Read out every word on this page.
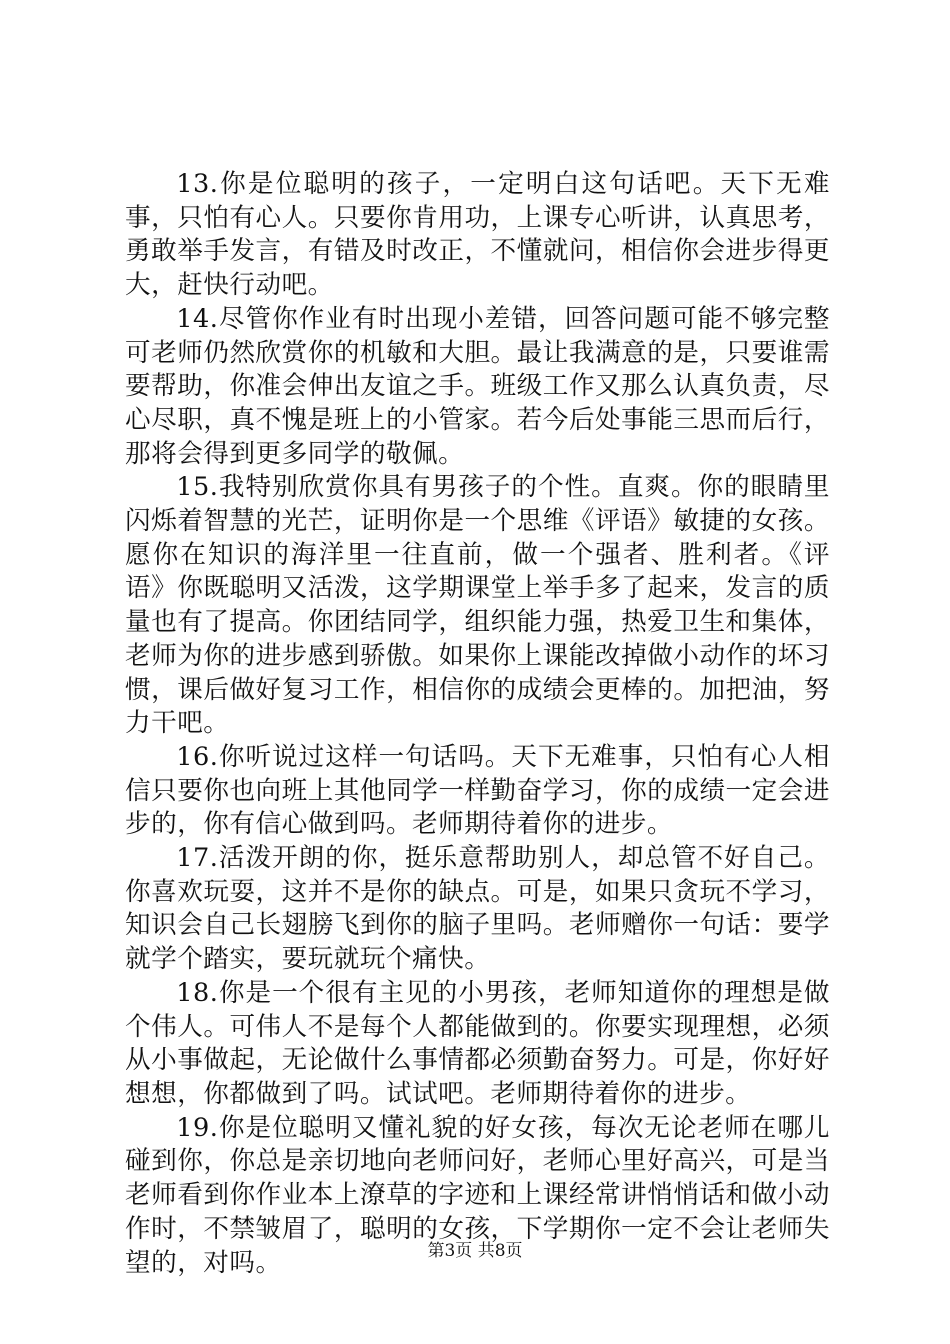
13.你是位聪明的孩子，一定明白这句话吧。天下无难事，只怕有心人。只要你肯用功，上课专心听讲，认真思考，勇敢举手发言，有错及时改正，不懂就问，相信你会进步得更大，赶快行动吧。

14.尽管你作业有时出现小差错，回答问题可能不够完整可老师仍然欣赏你的机敏和大胆。最让我满意的是，只要谁需要帮助，你准会伸出友谊之手。班级工作又那么认真负责，尽心尽职，真不愧是班上的小管家。若今后处事能三思而后行，那将会得到更多同学的敬佩。

15.我特别欣赏你具有男孩子的个性。直爽。你的眼睛里闪烁着智慧的光芒，证明你是一个思维《评语》敏捷的女孩。愿你在知识的海洋里一往直前，做一个强者、胜利者。《评语》你既聪明又活泼，这学期课堂上举手多了起来，发言的质量也有了提高。你团结同学，组织能力强，热爱卫生和集体，老师为你的进步感到骄傲。如果你上课能改掉做小动作的坏习惯，课后做好复习工作，相信你的成绩会更棒的。加把油，努力干吧。

16.你听说过这样一句话吗。天下无难事，只怕有心人相信只要你也向班上其他同学一样勤奋学习，你的成绩一定会进步的，你有信心做到吗。老师期待着你的进步。

17.活泼开朗的你，挺乐意帮助别人，却总管不好自己。你喜欢玩耍，这并不是你的缺点。可是，如果只贪玩不学习，知识会自己长翅膀飞到你的脑子里吗。老师赠你一句话：要学就学个踏实，要玩就玩个痛快。

18.你是一个很有主见的小男孩，老师知道你的理想是做个伟人。可伟人不是每个人都能做到的。你要实现理想，必须从小事做起，无论做什么事情都必须勤奋努力。可是，你好好想想，你都做到了吗。试试吧。老师期待着你的进步。

19.你是位聪明又懂礼貌的好女孩，每次无论老师在哪儿碰到你，你总是亲切地向老师问好，老师心里好高兴，可是当老师看到你作业本上潦草的字迹和上课经常讲悄悄话和做小动作时，不禁皱眉了，聪明的女孩，下学期你一定不会让老师失望的，对吗。	第3页 共8页
